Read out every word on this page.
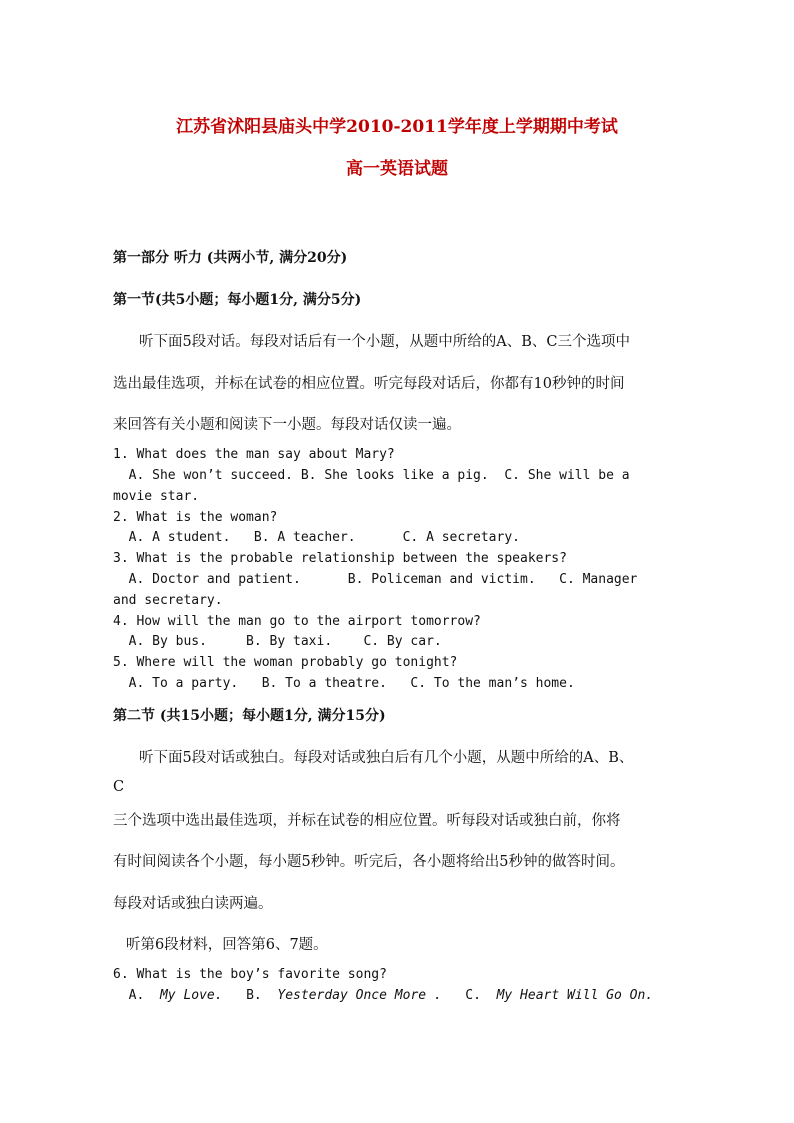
江苏省沭阳县庙头中学2010-2011学年度上学期期中考试
高一英语试题
第一部分 听力 (共两小节, 满分20分)
第一节(共5小题；每小题1分, 满分5分)
听下面5段对话。每段对话后有一个小题，从题中所给的A、B、C三个选项中
选出最佳选项，并标在试卷的相应位置。听完每段对话后，你都有10秒钟的时间
来回答有关小题和阅读下一小题。每段对话仅读一遍。
1. What does the man say about Mary?
A. She won’t succeed. B. She looks like a pig.  C. She will be a
movie star.
2. What is the woman?
A. A student.   B. A teacher.      C. A secretary.
3. What is the probable relationship between the speakers?
A. Doctor and patient.      B. Policeman and victim.   C. Manager
and secretary.
4. How will the man go to the airport tomorrow?
A. By bus.     B. By taxi.    C. By car.
5. Where will the woman probably go tonight?
A. To a party.   B. To a theatre.   C. To the man’s home.
第二节 (共15小题；每小题1分, 满分15分)
听下面5段对话或独白。每段对话或独白后有几个小题，从题中所给的A、B、
C
三个选项中选出最佳选项，并标在试卷的相应位置。听每段对话或独白前，你将
有时间阅读各个小题，每小题5秒钟。听完后，各小题将给出5秒钟的做答时间。
每段对话或独白读两遍。
听第6段材料，回答第6、7题。
6. What is the boy’s favorite song?
A.  My Love.   B.  Yesterday Once More .   C.  My Heart Will Go On.
